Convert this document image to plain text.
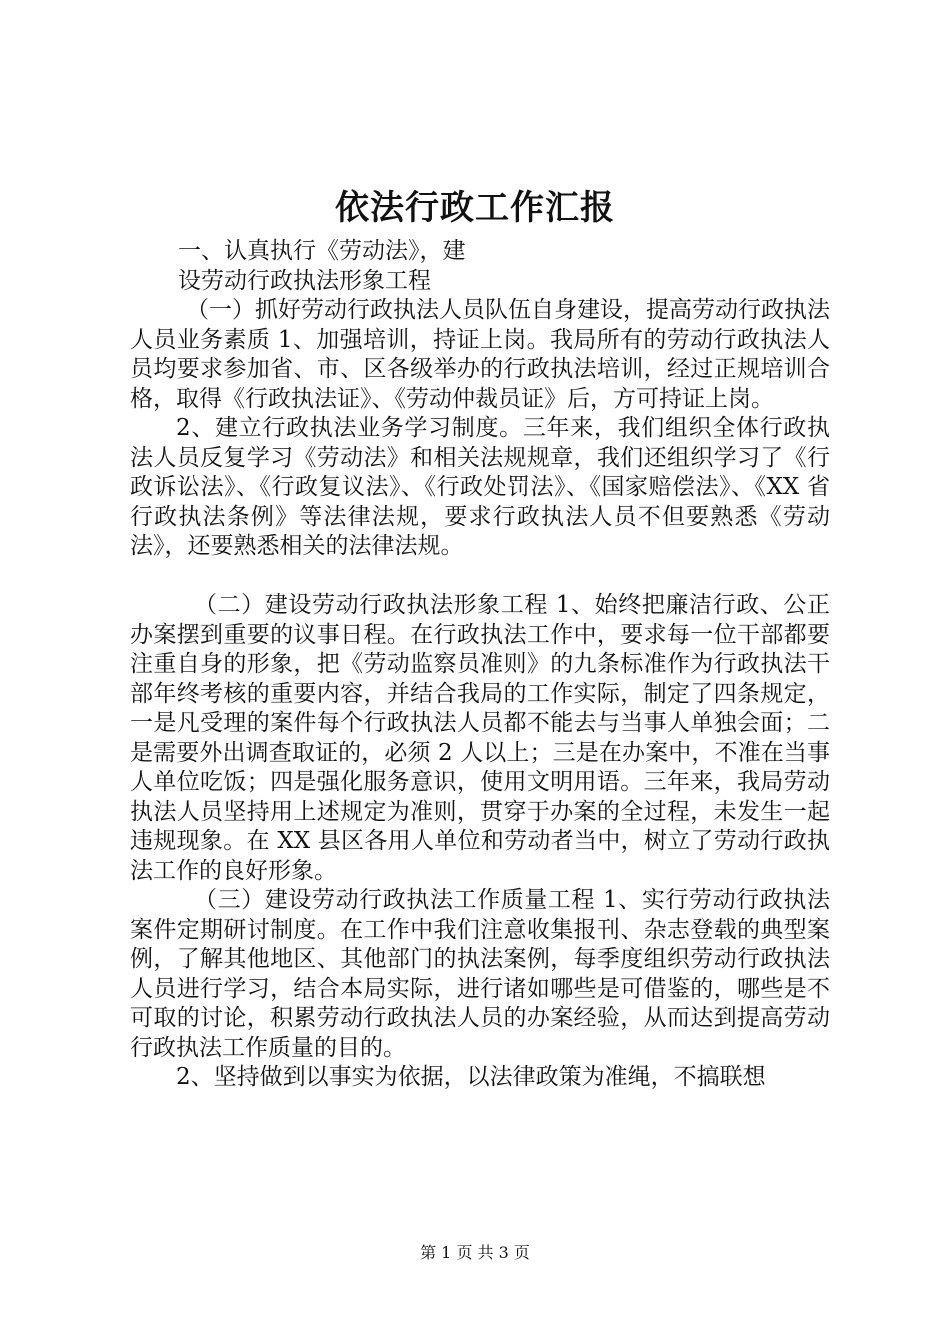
依法行政工作汇报

一、认真执行《劳动法》，建

设劳动行政执法形象工程

（一）抓好劳动行政执法人员队伍自身建设，提高劳动行政执法人员业务素质 1、加强培训，持证上岗。我局所有的劳动行政执法人员均要求参加省、市、区各级举办的行政执法培训，经过正规培训合格，取得《行政执法证》、《劳动仲裁员证》后，方可持证上岗。

2、建立行政执法业务学习制度。三年来，我们组织全体行政执法人员反复学习《劳动法》和相关法规规章，我们还组织学习了《行政诉讼法》、《行政复议法》、《行政处罚法》、《国家赔偿法》、《XX 省行政执法条例》等法律法规，要求行政执法人员不但要熟悉《劳动法》，还要熟悉相关的法律法规。

（二）建设劳动行政执法形象工程 1、始终把廉洁行政、公正办案摆到重要的议事日程。在行政执法工作中，要求每一位干部都要注重自身的形象，把《劳动监察员准则》的九条标准作为行政执法干部年终考核的重要内容，并结合我局的工作实际，制定了四条规定，一是凡受理的案件每个行政执法人员都不能去与当事人单独会面；二是需要外出调查取证的，必须 2 人以上；三是在办案中，不准在当事人单位吃饭；四是强化服务意识，使用文明用语。三年来，我局劳动执法人员坚持用上述规定为准则，贯穿于办案的全过程，未发生一起违规现象。在 XX 县区各用人单位和劳动者当中，树立了劳动行政执法工作的良好形象。

（三）建设劳动行政执法工作质量工程 1、实行劳动行政执法案件定期研讨制度。在工作中我们注意收集报刊、杂志登载的典型案例，了解其他地区、其他部门的执法案例，每季度组织劳动行政执法人员进行学习，结合本局实际，进行诸如哪些是可借鉴的，哪些是不可取的讨论，积累劳动行政执法人员的办案经验，从而达到提高劳动行政执法工作质量的目的。

2、坚持做到以事实为依据，以法律政策为准绳，不搞联想

第 1 页 共 3 页
